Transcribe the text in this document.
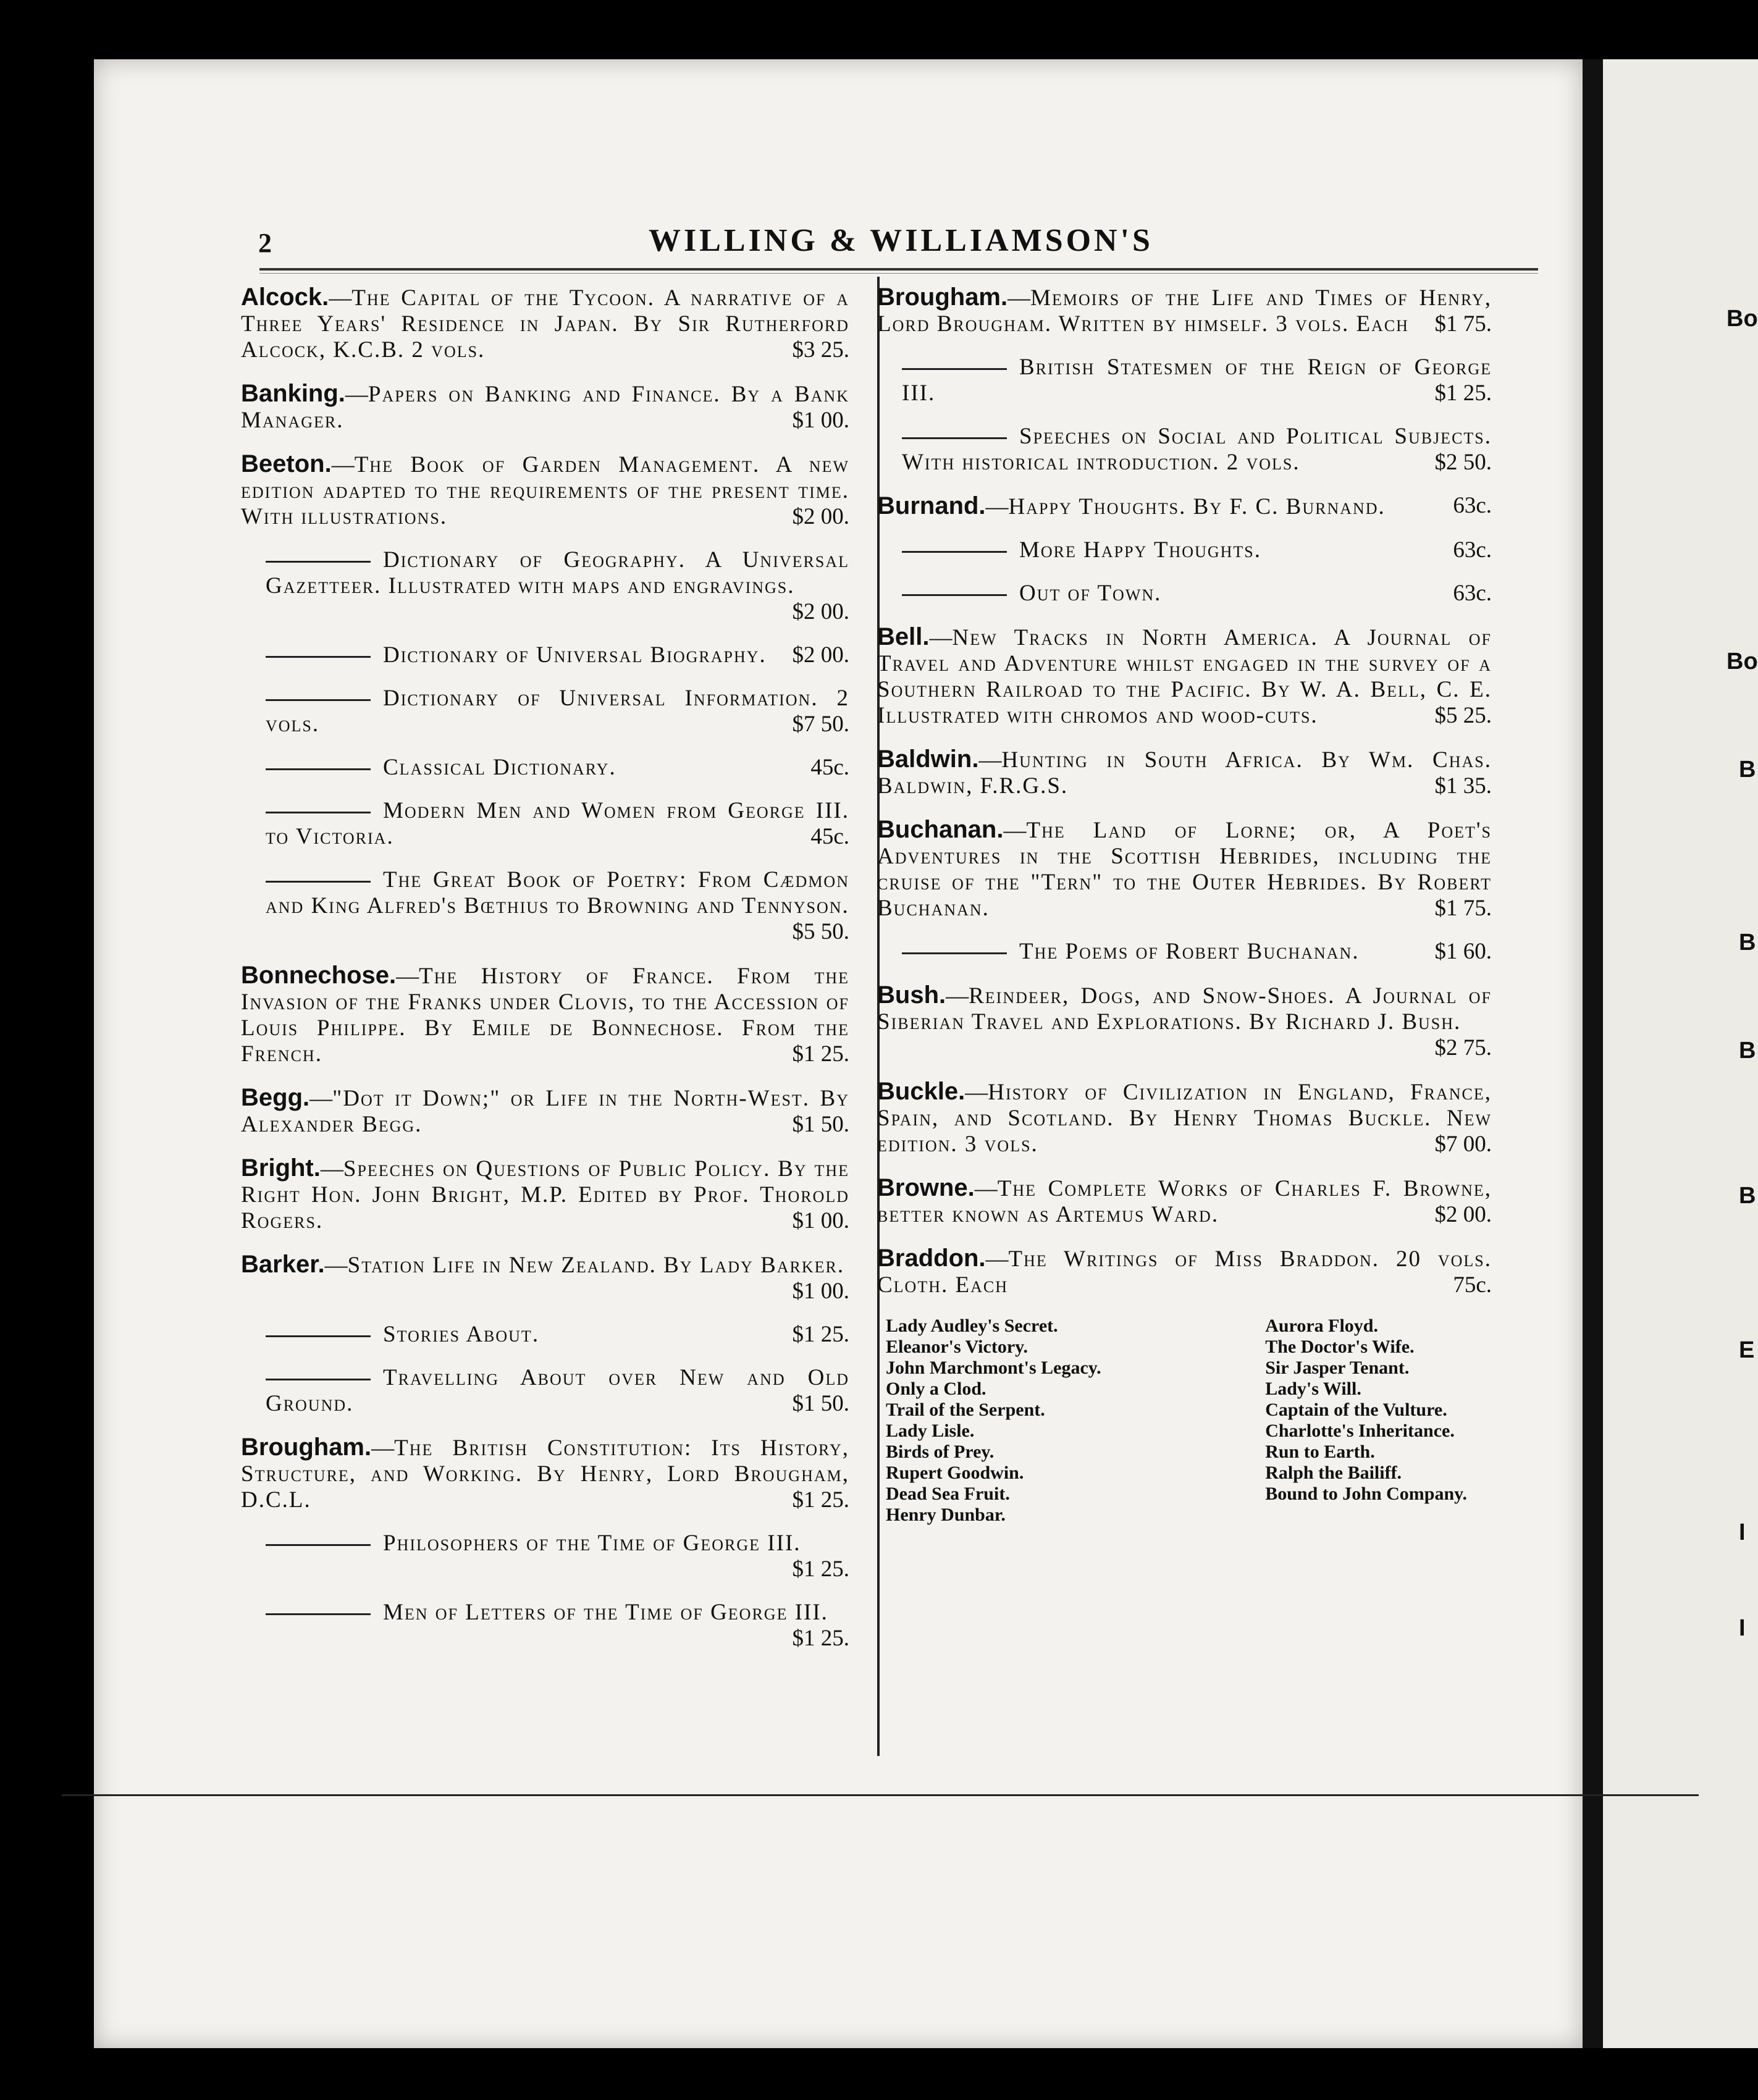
2	WILLING & WILLIAMSON'S
Alcock.—The Capital of the Tycoon. A narrative of a Three Years' Residence in Japan. By Sir Rutherford Alcock, K.C.B. 2 vols.	$3 25.
Banking.—Papers on Banking and Finance. By a Bank Manager.	$1 00.
Beeton.—The Book of Garden Management. A new edition adapted to the requirements of the present time. With illustrations.	$2 00.
Dictionary of Geography. A Universal Gazetteer. Illustrated with maps and engravings.
$2 00.
Dictionary of Universal Biography. $2 00.
Dictionary of Universal Information. 2 vols.	$7 50.
Classical Dictionary.	45c.
Modern Men and Women from George III. to Victoria.	45c.
The Great Book of Poetry: From Cædmon and King Alfred's Bœthius to Browning and Tennyson.
$5 50.
Bonnechose.—The History of France. From the Invasion of the Franks under Clovis, to the Accession of Louis Philippe. By Emile de Bonnechose. From the French.	$1 25.
Begg.—"Dot it Down;" or Life in the North-West. By Alexander Begg.	$1 50.
Bright.—Speeches on Questions of Public Policy. By the Right Hon. John Bright, M.P. Edited by Prof. Thorold Rogers.	$1 00.
Barker.—Station Life in New Zealand. By Lady Barker.
$1 00.
Stories About.	$1 25.
Travelling About over New and Old Ground.	$1 50.
Brougham.—The British Constitution: Its History, Structure, and Working. By Henry, Lord Brougham, D.C.L.	$1 25.
Philosophers of the Time of George III.
$1 25.
Men of Letters of the Time of George III.
$1 25.
Brougham.—Memoirs of the Life and Times of Henry, Lord Brougham. Written by himself. 3 vols. Each $1 75.
British Statesmen of the Reign of George III.	$1 25.
Speeches on Social and Political Subjects. With historical introduction. 2 vols.	$2 50.
Burnand.—Happy Thoughts. By F. C. Burnand.	63c.
More Happy Thoughts.	63c.
Out of Town.	63c.
Bell.—New Tracks in North America. A Journal of Travel and Adventure whilst engaged in the survey of a Southern Railroad to the Pacific. By W. A. Bell, C. E. Illustrated with chromos and wood-cuts.	$5 25.
Baldwin.—Hunting in South Africa. By Wm. Chas. Baldwin, F.R.G.S.	$1 35.
Buchanan.—The Land of Lorne; or, A Poet's Adventures in the Scottish Hebrides, including the cruise of the "Tern" to the Outer Hebrides. By Robert Buchanan.	$1 75.
The Poems of Robert Buchanan.	$1 60.
Bush.—Reindeer, Dogs, and Snow-Shoes. A Journal of Siberian Travel and Explorations. By Richard J. Bush.
$2 75.
Buckle.—History of Civilization in England, France, Spain, and Scotland. By Henry Thomas Buckle. New edition. 3 vols.	$7 00.
Browne.—The Complete Works of Charles F. Browne, better known as Artemus Ward.	$2 00.
Braddon.—The Writings of Miss Braddon. 20 vols. Cloth. Each	75c.
Lady Audley's Secret.
Eleanor's Victory.
John Marchmont's Legacy.
Only a Clod.
Trail of the Serpent.
Lady Lisle.
Birds of Prey.
Rupert Goodwin.
Dead Sea Fruit.
Henry Dunbar.
Aurora Floyd.
The Doctor's Wife.
Sir Jasper Tenant.
Lady's Will.
Captain of the Vulture.
Charlotte's Inheritance.
Run to Earth.
Ralph the Bailiff.
Bound to John Company.
Bo
Bo
B
B
B
B
E
I
I
